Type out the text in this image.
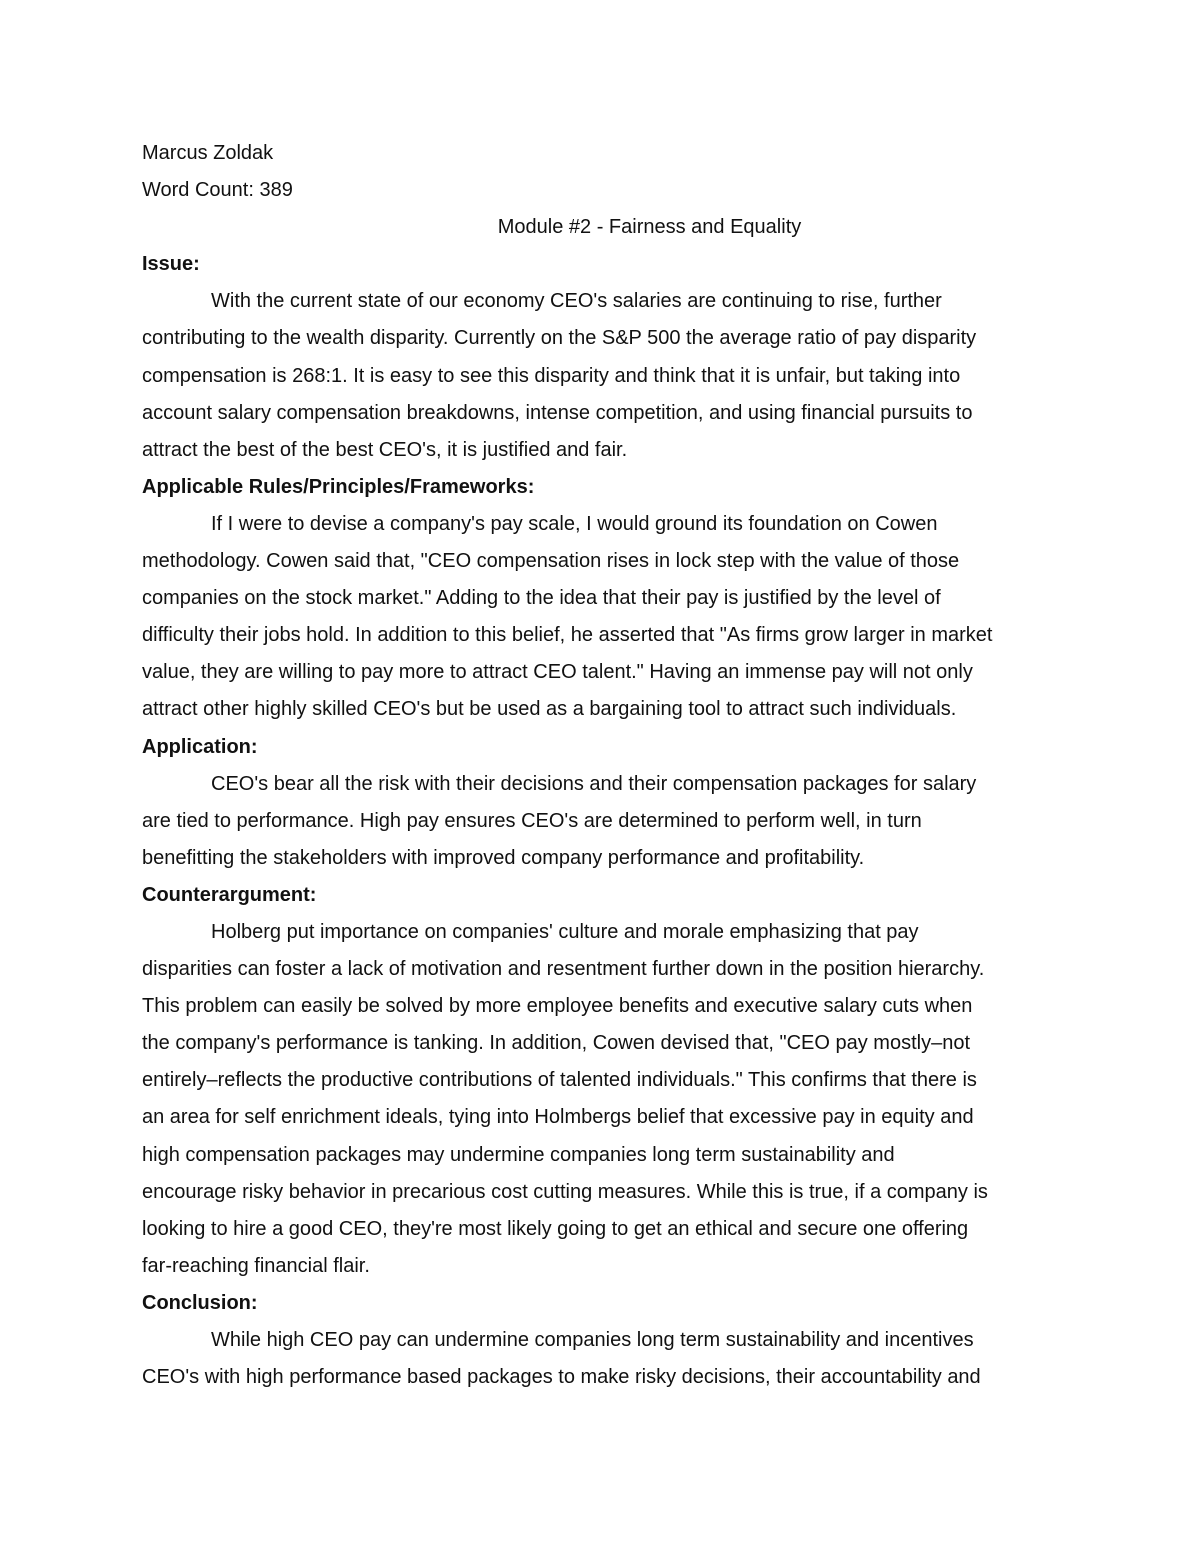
Marcus Zoldak
Word Count: 389
Module #2 - Fairness and Equality
Issue:
With the current state of our economy CEO's salaries are continuing to rise, further
contributing to the wealth disparity. Currently on the S&P 500 the average ratio of pay disparity
compensation is 268:1. It is easy to see this disparity and think that it is unfair, but taking into
account salary compensation breakdowns, intense competition, and using financial pursuits to
attract the best of the best CEO's, it is justified and fair.
Applicable Rules/Principles/Frameworks:
If I were to devise a company's pay scale, I would ground its foundation on Cowen
methodology. Cowen said that, "CEO compensation rises in lock step with the value of those
companies on the stock market." Adding to the idea that their pay is justified by the level of
difficulty their jobs hold. In addition to this belief, he asserted that "As firms grow larger in market
value, they are willing to pay more to attract CEO talent." Having an immense pay will not only
attract other highly skilled CEO's but be used as a bargaining tool to attract such individuals.
Application:
CEO's bear all the risk with their decisions and their compensation packages for salary
are tied to performance. High pay ensures CEO's are determined to perform well, in turn
benefitting the stakeholders with improved company performance and profitability.
Counterargument:
Holberg put importance on companies' culture and morale emphasizing that pay
disparities can foster a lack of motivation and resentment further down in the position hierarchy.
This problem can easily be solved by more employee benefits and executive salary cuts when
the company's performance is tanking. In addition, Cowen devised that, "CEO pay mostly–not
entirely–reflects the productive contributions of talented individuals." This confirms that there is
an area for self enrichment ideals, tying into Holmbergs belief that excessive pay in equity and
high compensation packages may undermine companies long term sustainability and
encourage risky behavior in precarious cost cutting measures. While this is true, if a company is
looking to hire a good CEO, they're most likely going to get an ethical and secure one offering
far-reaching financial flair.
Conclusion:
While high CEO pay can undermine companies long term sustainability and incentives
CEO's with high performance based packages to make risky decisions, their accountability and
